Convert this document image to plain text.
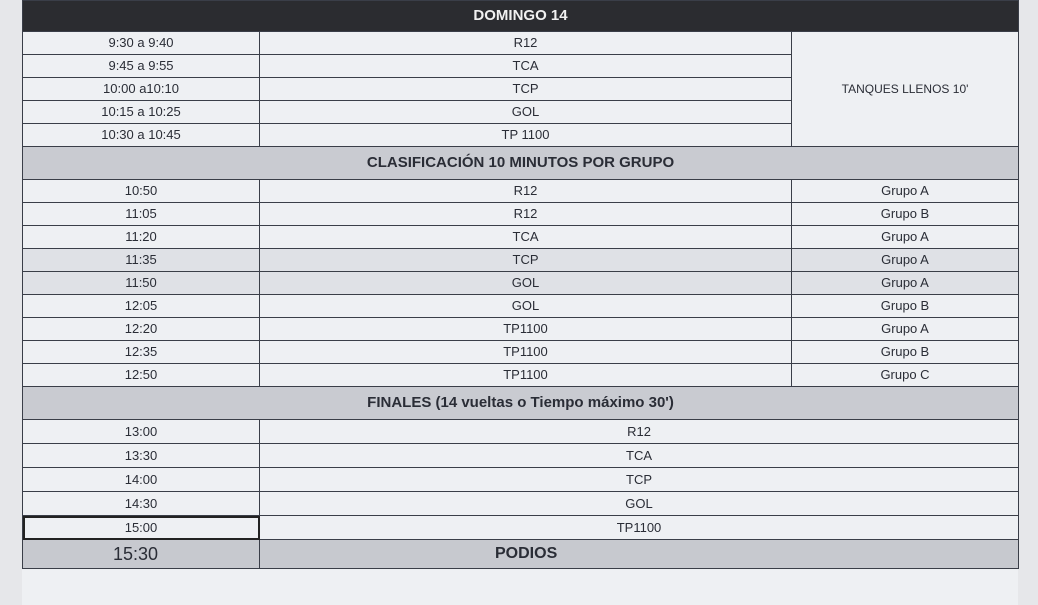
DOMINGO 14		
9:30 a 9:40	R12	TANQUES LLENOS 10'
9:45 a 9:55	TCA	
10:00 a10:10	TCP	
10:15 a 10:25	GOL	
10:30 a 10:45	TP 1100	
CLASIFICACIÓN 10 MINUTOS POR GRUPO		
10:50	R12	Grupo A
11:05	R12	Grupo B
11:20	TCA	Grupo A
11:35	TCP	Grupo A
11:50	GOL	Grupo A
12:05	GOL	Grupo B
12:20	TP1100	Grupo A
12:35	TP1100	Grupo B
12:50	TP1100	Grupo C
FINALES (14 vueltas o Tiempo máximo 30')		
13:00	R12	
13:30	TCA	
14:00	TCP	
14:30	GOL	
15:00	TP1100	
15:30	PODIOS	
